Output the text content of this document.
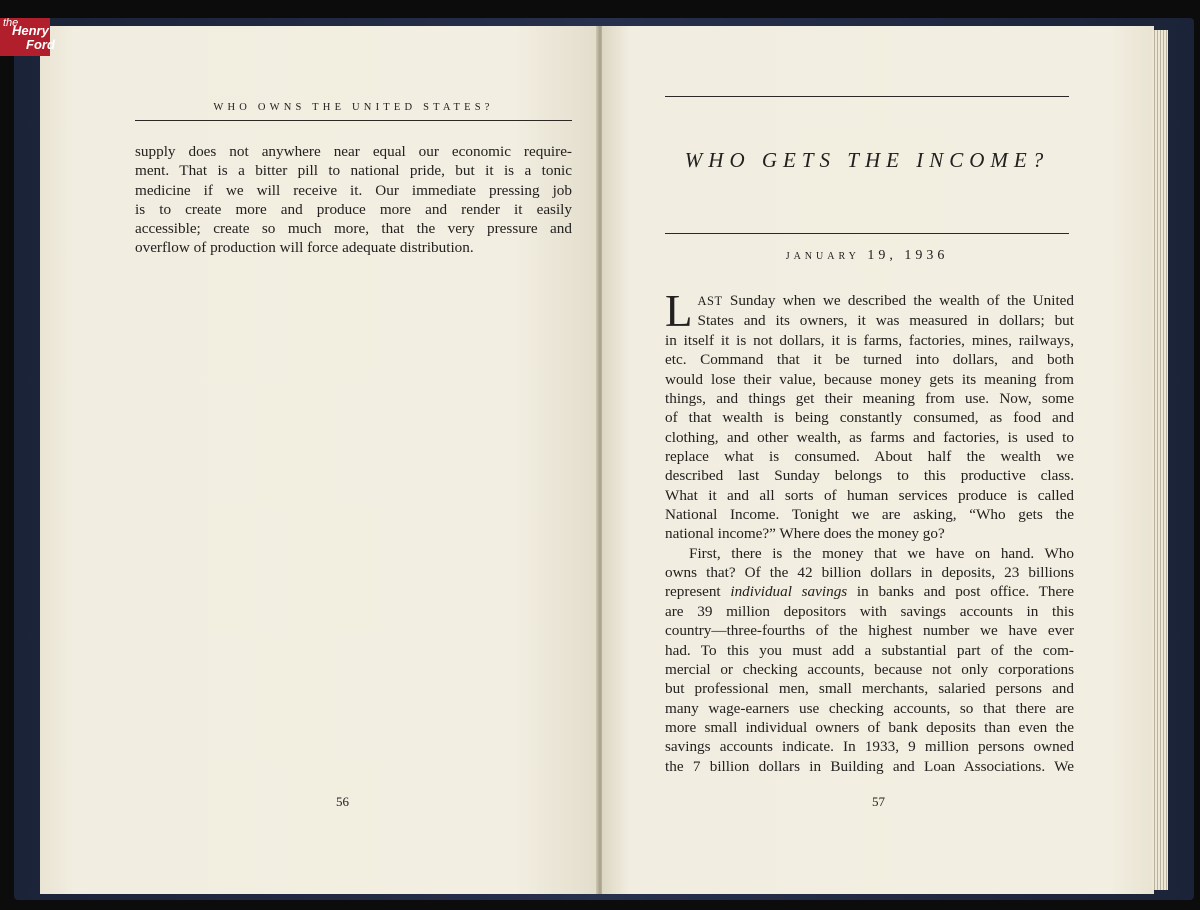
WHO OWNS THE UNITED STATES?
supply does not anywhere near equal our economic require-
ment. That is a bitter pill to national pride, but it is a tonic
medicine if we will receive it. Our immediate pressing job
is to create more and produce more and render it easily
accessible; create so much more, that the very pressure and
overflow of production will force adequate distribution.
56
WHO GETS THE INCOME?
JANUARY 19, 1936
L AST Sunday when we described the wealth of the United
States and its owners, it was measured in dollars; but
in itself it is not dollars, it is farms, factories, mines, railways,
etc. Command that it be turned into dollars, and both
would lose their value, because money gets its meaning from
things, and things get their meaning from use. Now, some
of that wealth is being constantly consumed, as food and
clothing, and other wealth, as farms and factories, is used to
replace what is consumed. About half the wealth we
described last Sunday belongs to this productive class.
What it and all sorts of human services produce is called
National Income. Tonight we are asking, “Who gets the
national income?” Where does the money go?
First, there is the money that we have on hand. Who
owns that? Of the 42 billion dollars in deposits, 23 billions
represent individual savings in banks and post office. There
are 39 million depositors with savings accounts in this
country—three-fourths of the highest number we have ever
had. To this you must add a substantial part of the com-
mercial or checking accounts, because not only corporations
but professional men, small merchants, salaried persons and
many wage-earners use checking accounts, so that there are
more small individual owners of bank deposits than even the
savings accounts indicate. In 1933, 9 million persons owned
the 7 billion dollars in Building and Loan Associations. We
57
the
Henry
Ford
